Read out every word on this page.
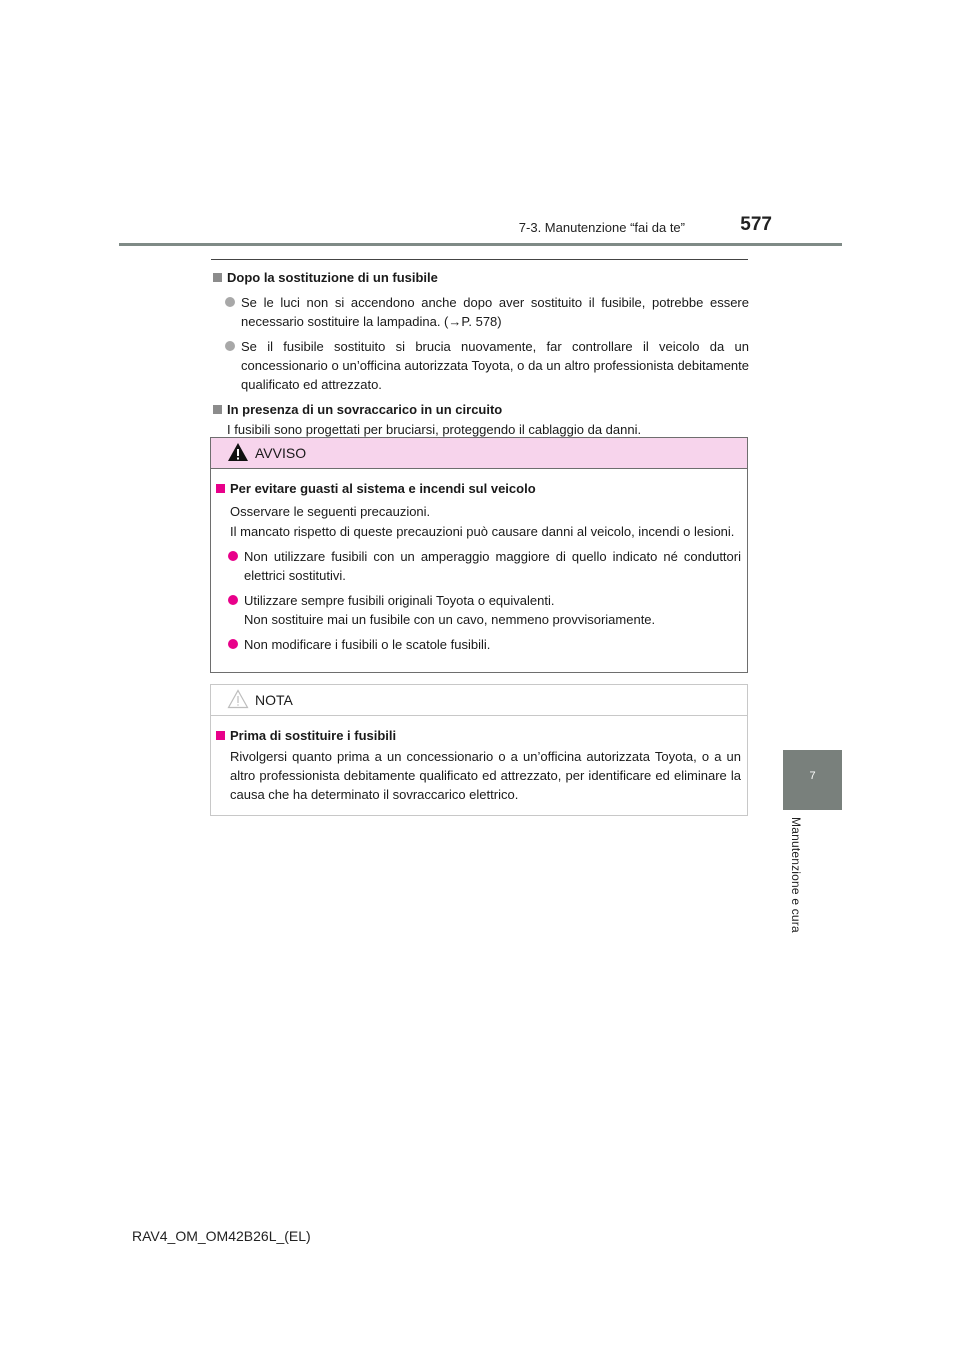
7-3. Manutenzione “fai da te”	577
7
Manutenzione e cura
Dopo la sostituzione di un fusibile
Se le luci non si accendono anche dopo aver sostituito il fusibile, potrebbe essere necessario sostituire la lampadina. (→P. 578)
Se il fusibile sostituito si brucia nuovamente, far controllare il veicolo da un concessionario o un’officina autorizzata Toyota, o da un altro professionista debitamente qualificato ed attrezzato.
In presenza di un sovraccarico in un circuito
I fusibili sono progettati per bruciarsi, proteggendo il cablaggio da danni.
AVVISO
Per evitare guasti al sistema e incendi sul veicolo
Osservare le seguenti precauzioni.
Il mancato rispetto di queste precauzioni può causare danni al veicolo, incendi o lesioni.
Non utilizzare fusibili con un amperaggio maggiore di quello indicato né conduttori elettrici sostitutivi.
Utilizzare sempre fusibili originali Toyota o equivalenti.
Non sostituire mai un fusibile con un cavo, nemmeno provvisoriamente.
Non modificare i fusibili o le scatole fusibili.
NOTA
Prima di sostituire i fusibili
Rivolgersi quanto prima a un concessionario o a un’officina autorizzata Toyota, o a un altro professionista debitamente qualificato ed attrezzato, per identificare ed eliminare la causa che ha determinato il sovraccarico elettrico.
RAV4_OM_OM42B26L_(EL)
